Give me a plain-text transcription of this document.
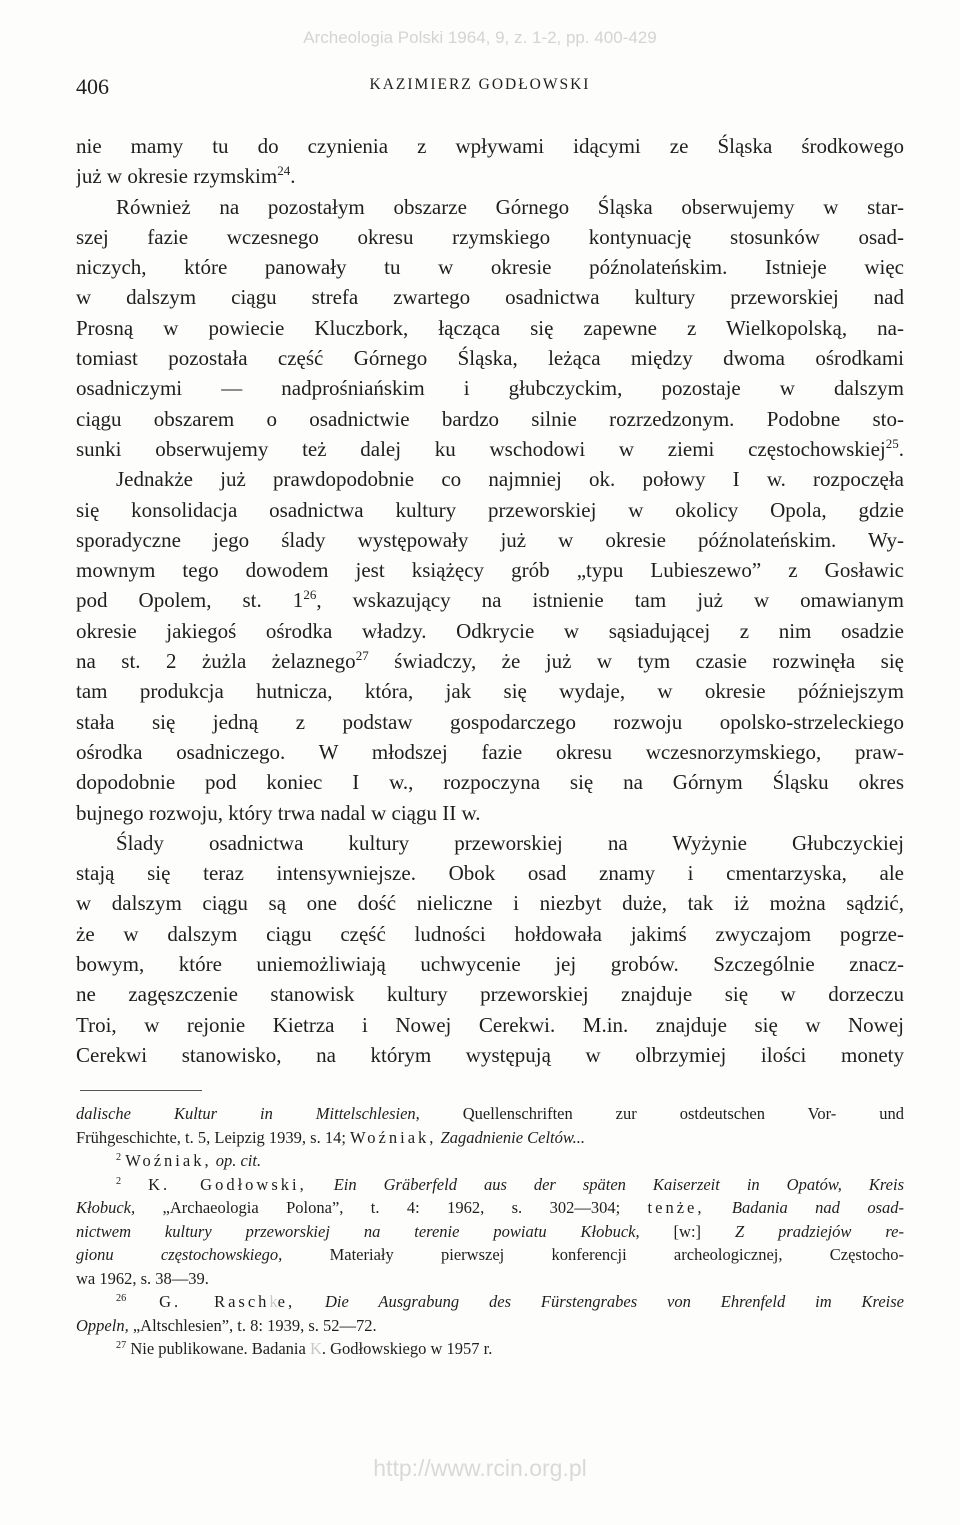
Archeologia Polski 1964, 9, z. 1-2, pp. 400-429
406	KAZIMIERZ GODŁOWSKI
nie mamy tu do czynienia z wpływami idącymi ze Śląska środkowego
już w okresie rzymskim$^{24}$.
Również na pozostałym obszarze Górnego Śląska obserwujemy w star-
szej fazie wczesnego okresu rzymskiego kontynuację stosunków osad-
niczych, które panowały tu w okresie późnolateńskim. Istnieje więc
w dalszym ciągu strefa zwartego osadnictwa kultury przeworskiej nad
Prosną w powiecie Kluczbork, łącząca się zapewne z Wielkopolską, na-
tomiast pozostała część Górnego Śląska, leżąca między dwoma ośrodkami
osadniczymi — nadprośniańskim i głubczyckim, pozostaje w dalszym
ciągu obszarem o osadnictwie bardzo silnie rozrzedzonym. Podobne sto-
sunki obserwujemy też dalej ku wschodowi w ziemi częstochowskiej$^{25}$.
Jednakże już prawdopodobnie co najmniej ok. połowy I w. rozpoczęła
się konsolidacja osadnictwa kultury przeworskiej w okolicy Opola, gdzie
sporadyczne jego ślady występowały już w okresie późnolateńskim. Wy-
mownym tego dowodem jest książęcy grób „typu Lubieszewo” z Gosławic
pod Opolem, st. $1^{26}$, wskazujący na istnienie tam już w omawianym
okresie jakiegoś ośrodka władzy. Odkrycie w sąsiadującej z nim osadzie
na st. 2 żużla żelaznego$^{27}$ świadczy, że już w tym czasie rozwinęła się
tam produkcja hutnicza, która, jak się wydaje, w okresie późniejszym
stała się jedną z podstaw gospodarczego rozwoju opolsko-strzeleckiego
ośrodka osadniczego. W młodszej fazie okresu wczesnorzymskiego, praw-
dopodobnie pod koniec I w., rozpoczyna się na Górnym Śląsku okres
bujnego rozwoju, który trwa nadal w ciągu II w.
Ślady osadnictwa kultury przeworskiej na Wyżynie Głubczyckiej
stają się teraz intensywniejsze. Obok osad znamy i cmentarzyska, ale
w dalszym ciągu są one dość nieliczne i niezbyt duże, tak iż można sądzić,
że w dalszym ciągu część ludności hołdowała jakimś zwyczajom pogrze-
bowym, które uniemożliwiają uchwycenie jej grobów. Szczególnie znacz-
ne zagęszczenie stanowisk kultury przeworskiej znajduje się w dorzeczu
Troi, w rejonie Kietrza i Nowej Cerekwi. M.in. znajduje się w Nowej
Cerekwi stanowisko, na którym występują w olbrzymiej ilości monety
dalische Kultur in Mittelschlesien, Quellenschriften zur ostdeutschen Vor- und
Frühgeschichte, t. 5, Leipzig 1939, s. 14; Woźniak, Zagadnienie Celtów...
$^2$ Woźniak, op. cit.
$^2$ K. Godłowski, Ein Gräberfeld aus der späten Kaiserzeit in Opatów, Kreis
Kłobuck, „Archaeologia Polona”, t. 4: 1962, s. 302—304; tenże, Badania nad osad-
nictwem kultury przeworskiej na terenie powiatu Kłobuck, [w:] Z pradziejów re-
gionu częstochowskiego, Materiały pierwszej konferencji archeologicznej, Częstocho-
wa 1962, s. 38—39.
$^{26}$ G. Raschke, Die Ausgrabung des Fürstengrabes von Ehrenfeld im Kreise
Oppeln, „Altschlesien”, t. 8: 1939, s. 52—72.
$^{27}$ Nie publikowane. Badania K. Godłowskiego w 1957 r.
http://www.rcin.org.pl
